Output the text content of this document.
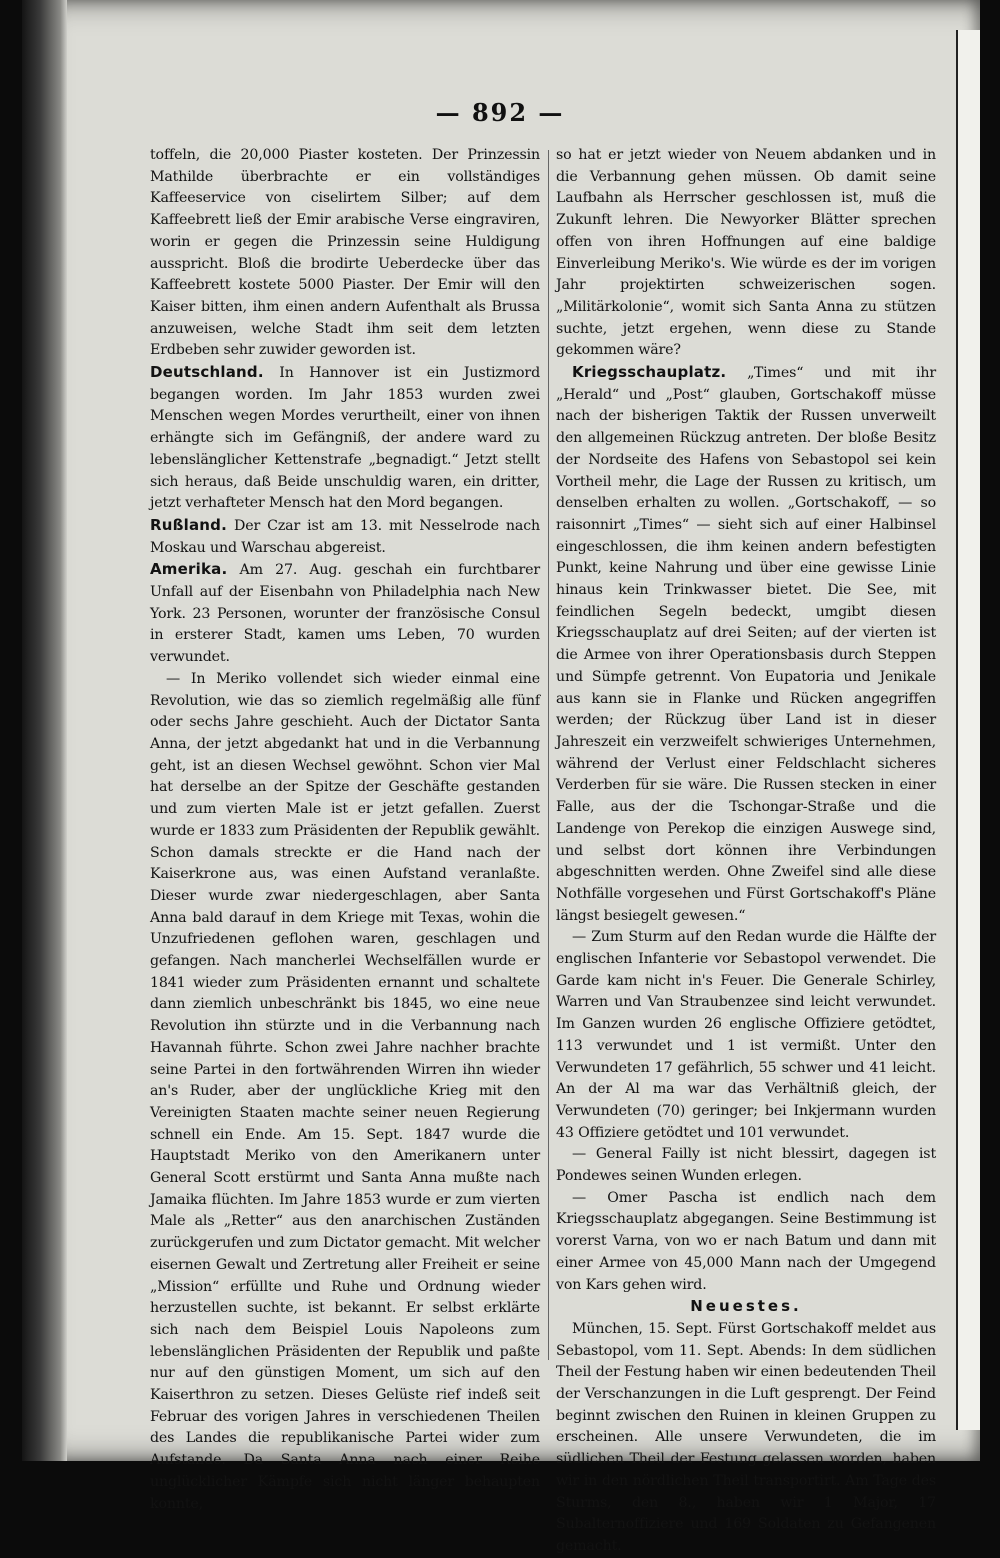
— 892 —

toffeln, die 20,000 Piaster kosteten. Der Prinzessin Mathilde überbrachte er ein vollständiges Kaffeeservice von ciselirtem Silber; auf dem Kaffeebrett ließ der Emir arabische Verse eingraviren, worin er gegen die Prinzessin seine Huldigung ausspricht. Bloß die brodirte Ueberdecke über das Kaffeebrett kostete 5000 Piaster. Der Emir will den Kaiser bitten, ihm einen andern Aufenthalt als Brussa anzuweisen, welche Stadt ihm seit dem letzten Erdbeben sehr zuwider geworden ist.

Deutschland. In Hannover ist ein Justizmord begangen worden. Im Jahr 1853 wurden zwei Menschen wegen Mordes verurtheilt, einer von ihnen erhängte sich im Gefängniß, der andere ward zu lebenslänglicher Kettenstrafe „begnadigt.“ Jetzt stellt sich heraus, daß Beide unschuldig waren, ein dritter, jetzt verhafteter Mensch hat den Mord begangen.

Rußland. Der Czar ist am 13. mit Nesselrode nach Moskau und Warschau abgereist.

Amerika. Am 27. Aug. geschah ein furchtbarer Unfall auf der Eisenbahn von Philadelphia nach New York. 23 Personen, worunter der französische Consul in ersterer Stadt, kamen ums Leben, 70 wurden verwundet.

— In Meriko vollendet sich wieder einmal eine Revolution, wie das so ziemlich regelmäßig alle fünf oder sechs Jahre geschieht. Auch der Dictator Santa Anna, der jetzt abgedankt hat und in die Verbannung geht, ist an diesen Wechsel gewöhnt. Schon vier Mal hat derselbe an der Spitze der Geschäfte gestanden und zum vierten Male ist er jetzt gefallen. Zuerst wurde er 1833 zum Präsidenten der Republik gewählt. Schon damals streckte er die Hand nach der Kaiserkrone aus, was einen Aufstand veranlaßte. Dieser wurde zwar niedergeschlagen, aber Santa Anna bald darauf in dem Kriege mit Texas, wohin die Unzufriedenen geflohen waren, geschlagen und gefangen. Nach mancherlei Wechselfällen wurde er 1841 wieder zum Präsidenten ernannt und schaltete dann ziemlich unbeschränkt bis 1845, wo eine neue Revolution ihn stürzte und in die Verbannung nach Havannah führte. Schon zwei Jahre nachher brachte seine Partei in den fortwährenden Wirren ihn wieder an's Ruder, aber der unglückliche Krieg mit den Vereinigten Staaten machte seiner neuen Regierung schnell ein Ende. Am 15. Sept. 1847 wurde die Hauptstadt Meriko von den Amerikanern unter General Scott erstürmt und Santa Anna mußte nach Jamaika flüchten. Im Jahre 1853 wurde er zum vierten Male als „Retter“ aus den anarchischen Zuständen zurückgerufen und zum Dictator gemacht. Mit welcher eisernen Gewalt und Zertretung aller Freiheit er seine „Mission“ erfüllte und Ruhe und Ordnung wieder herzustellen suchte, ist bekannt. Er selbst erklärte sich nach dem Beispiel Louis Napoleons zum lebenslänglichen Präsidenten der Republik und paßte nur auf den günstigen Moment, um sich auf den Kaiserthron zu setzen. Dieses Gelüste rief indeß seit Februar des vorigen Jahres in verschiedenen Theilen des Landes die republikanische Partei wider zum Aufstande. Da Santa Anna nach einer Reihe unglücklicher Kämpfe sich nicht länger behaupten konnte,

so hat er jetzt wieder von Neuem abdanken und in die Verbannung gehen müssen. Ob damit seine Laufbahn als Herrscher geschlossen ist, muß die Zukunft lehren. Die Newyorker Blätter sprechen offen von ihren Hoffnungen auf eine baldige Einverleibung Meriko's. Wie würde es der im vorigen Jahr projektirten schweizerischen sogen. „Militärkolonie“, womit sich Santa Anna zu stützen suchte, jetzt ergehen, wenn diese zu Stande gekommen wäre?

Kriegsschauplatz. „Times“ und mit ihr „Herald“ und „Post“ glauben, Gortschakoff müsse nach der bisherigen Taktik der Russen unverweilt den allgemeinen Rückzug antreten. Der bloße Besitz der Nordseite des Hafens von Sebastopol sei kein Vortheil mehr, die Lage der Russen zu kritisch, um denselben erhalten zu wollen. „Gortschakoff, — so raisonnirt „Times“ — sieht sich auf einer Halbinsel eingeschlossen, die ihm keinen andern befestigten Punkt, keine Nahrung und über eine gewisse Linie hinaus kein Trinkwasser bietet. Die See, mit feindlichen Segeln bedeckt, umgibt diesen Kriegsschauplatz auf drei Seiten; auf der vierten ist die Armee von ihrer Operationsbasis durch Steppen und Sümpfe getrennt. Von Eupatoria und Jenikale aus kann sie in Flanke und Rücken angegriffen werden; der Rückzug über Land ist in dieser Jahreszeit ein verzweifelt schwieriges Unternehmen, während der Verlust einer Feldschlacht sicheres Verderben für sie wäre. Die Russen stecken in einer Falle, aus der die Tschongar-Straße und die Landenge von Perekop die einzigen Auswege sind, und selbst dort können ihre Verbindungen abgeschnitten werden. Ohne Zweifel sind alle diese Nothfälle vorgesehen und Fürst Gortschakoff's Pläne längst besiegelt gewesen.“

— Zum Sturm auf den Redan wurde die Hälfte der englischen Infanterie vor Sebastopol verwendet. Die Garde kam nicht in's Feuer. Die Generale Schirley, Warren und Van Straubenzee sind leicht verwundet. Im Ganzen wurden 26 englische Offiziere getödtet, 113 verwundet und 1 ist vermißt. Unter den Verwundeten 17 gefährlich, 55 schwer und 41 leicht. An der Al ma war das Verhältniß gleich, der Verwundeten (70) geringer; bei Inkjermann wurden 43 Offiziere getödtet und 101 verwundet.

— General Failly ist nicht blessirt, dagegen ist Pondewes seinen Wunden erlegen.

— Omer Pascha ist endlich nach dem Kriegsschauplatz abgegangen. Seine Bestimmung ist vorerst Varna, von wo er nach Batum und dann mit einer Armee von 45,000 Mann nach der Umgegend von Kars gehen wird.

Neuestes.

München, 15. Sept. Fürst Gortschakoff meldet aus Sebastopol, vom 11. Sept. Abends: In dem südlichen Theil der Festung haben wir einen bedeutenden Theil der Verschanzungen in die Luft gesprengt. Der Feind beginnt zwischen den Ruinen in kleinen Gruppen zu erscheinen. Alle unsere Verwundeten, die im südlichen Theil der Festung gelassen worden, haben wir in den nördlichen Theil transportirt. Am Tage des Sturms, den 8., haben wir 1 Major, 17 Subalternoffiziere und 169 Soldaten zu Gefangenen gemacht.
